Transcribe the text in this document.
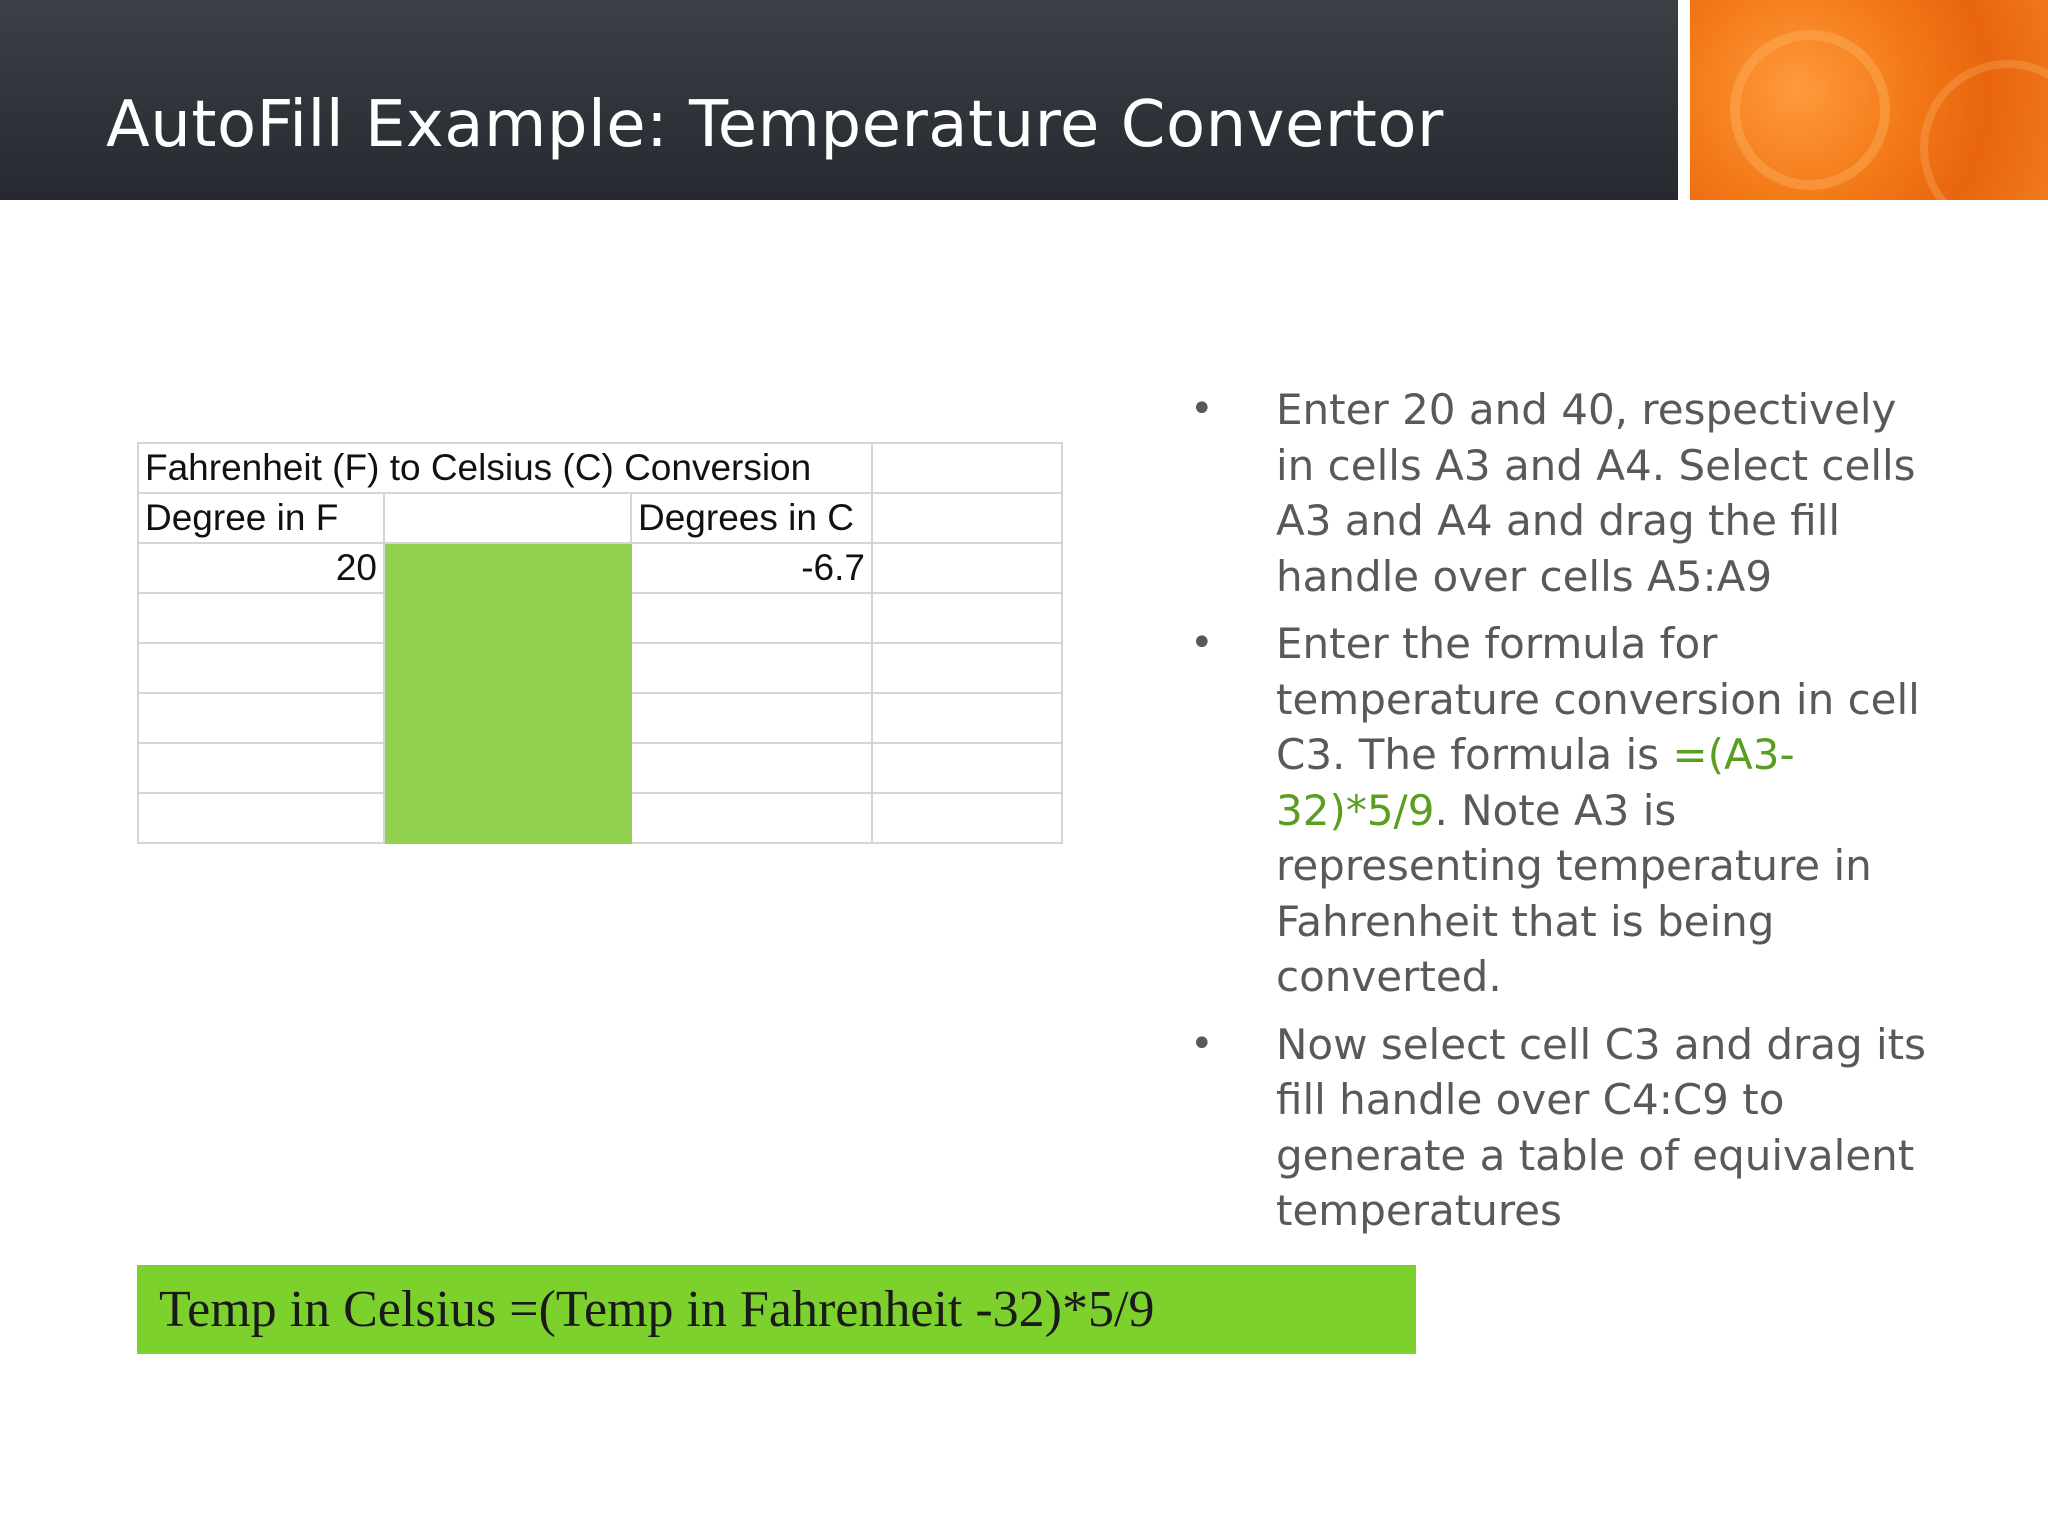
AutoFill Example: Temperature Convertor
Fahrenheit (F) to Celsius (C) Conversion			
Degree in F		Degrees in C	
20		-6.7	

• Enter 20 and 40, respectively in cells A3 and A4. Select cells A3 and A4 and drag the fill handle over cells A5:A9
• Enter the formula for temperature conversion in cell C3. The formula is =(A3-32)*5/9. Note A3 is representing temperature in Fahrenheit that is being converted.
• Now select cell C3 and drag its fill handle over C4:C9 to generate a table of equivalent temperatures
Temp in Celsius =(Temp in Fahrenheit -32)*5/9
